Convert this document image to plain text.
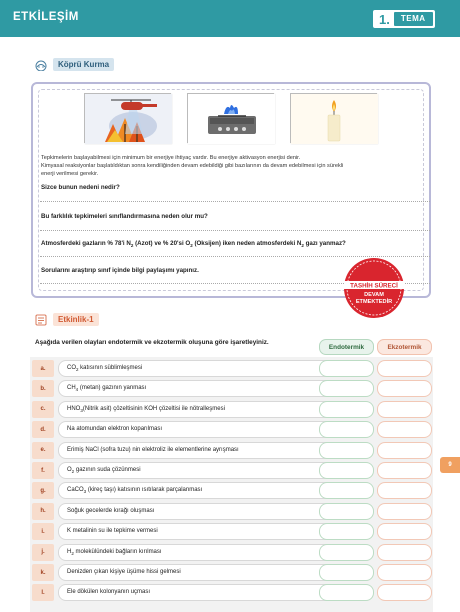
ETKİLEŞİM	1.	TEMA
Köprü Kurma
Tepkimelerin başlayabilmesi için minimum bir enerjiye ihtiyaç vardır. Bu enerjiye aktivasyon enerjisi denir.
Kimyasal reaksiyonlar başlatıldıktan sonra kendiliğinden devam edebildiği gibi bazılarının da devam edebilmesi için sürekli
enerji verilmesi gerekir.
Sizce bunun nedeni nedir?
Bu farklılık tepkimeleri sınıflandırmasına neden olur mu?
Atmosferdeki gazların % 78'i $N_2$ (Azot) ve % 20'si $O_2$ (Oksijen) iken neden atmosferdeki $N_2$ gazı yanmaz?
Sorularını araştırıp sınıf içinde bilgi paylaşımı yapınız.
TASHİH SÜRECİ
DEVAM
ETMEKTEDİR
Etkinlik-1
Aşağıda verilen olayları endotermik ve ekzotermik oluşuna göre işaretleyiniz.
Endotermik	Ekzotermik
a.	$CO_2$ katısının süblimleşmesi
b.	$CH_4$ (metan) gazının yanması
c.	$HNO_3(Nitrik$ asit) çözeltisinin KOH çözeltisi ile nötralleşmesi
d.	Na atomundan elektron koparılması
e.	Erimiş NaCl (sofra tuzu) nin elektroliz ile elementlerine ayrışması
f.	$O_2$ gazının suda çözünmesi
g.	CaCO$_3$ (kireç taşı) katısının ısıtılarak parçalanması
h.	Soğuk gecelerde kırağı oluşması
i.	K metalinin su ile tepkime vermesi
j.	$H_2$ molekülündeki bağların kırılması
k.	Denizden çıkan kişiye üşüme hissi gelmesi
l.	Ele dökülen kolonyanın uçması
9
